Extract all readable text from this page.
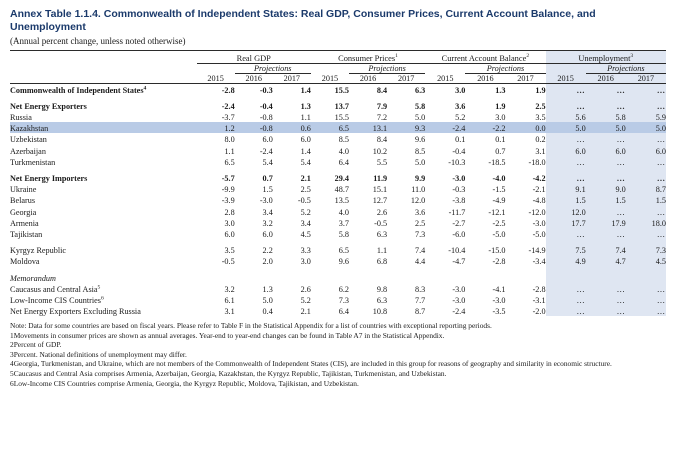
Annex Table 1.1.4. Commonwealth of Independent States: Real GDP, Consumer Prices, Current Account Balance, and Unemployment
(Annual percent change, unless noted otherwise)

	Real GDP			Consumer Prices$^1$			Current Account Balance$^2$			Unemployment$^3$
		Projections			Projections			Projections			Projections	
	2015	2016	2017	2015	2016	2017	2015	2016	2017	2015	2016	2017
Commonwealth of Independent States$^4$	-2.8	-0.3	1.4	15.5	8.4	6.3	3.0	1.3	1.9	…	…	…

Net Energy Exporters	-2.4	-0.4	1.3	13.7	7.9	5.8	3.6	1.9	2.5	…	…	…
Russia	-3.7	-0.8	1.1	15.5	7.2	5.0	5.2	3.0	3.5	5.6	5.8	5.9
Kazakhstan	1.2	-0.8	0.6	6.5	13.1	9.3	-2.4	-2.2	0.0	5.0	5.0	5.0
Uzbekistan	8.0	6.0	6.0	8.5	8.4	9.6	0.1	0.1	0.2	…	…	…
Azerbaijan	1.1	-2.4	1.4	4.0	10.2	8.5	-0.4	0.7	3.1	6.0	6.0	6.0
Turkmenistan	6.5	5.4	5.4	6.4	5.5	5.0	-10.3	-18.5	-18.0	…	…	…

Net Energy Importers	-5.7	0.7	2.1	29.4	11.9	9.9	-3.0	-4.0	-4.2	…	…	…
Ukraine	-9.9	1.5	2.5	48.7	15.1	11.0	-0.3	-1.5	-2.1	9.1	9.0	8.7
Belarus	-3.9	-3.0	-0.5	13.5	12.7	12.0	-3.8	-4.9	-4.8	1.5	1.5	1.5
Georgia	2.8	3.4	5.2	4.0	2.6	3.6	-11.7	-12.1	-12.0	12.0	…	…
Armenia	3.0	3.2	3.4	3.7	-0.5	2.5	-2.7	-2.5	-3.0	17.7	17.9	18.0
Tajikistan	6.0	6.0	4.5	5.8	6.3	7.3	-6.0	-5.0	-5.0	…	…	…

Kyrgyz Republic	3.5	2.2	3.3	6.5	1.1	7.4	-10.4	-15.0	-14.9	7.5	7.4	7.3
Moldova	-0.5	2.0	3.0	9.6	6.8	4.4	-4.7	-2.8	-3.4	4.9	4.7	4.5

Memorandum												
Caucasus and Central Asia$^5$	3.2	1.3	2.6	6.2	9.8	8.3	-3.0	-4.1	-2.8	…	…	…
Low-Income CIS Countries$^6$	6.1	5.0	5.2	7.3	6.3	7.7	-3.0	-3.0	-3.1	…	…	…
Net Energy Exporters Excluding Russia	3.1	0.4	2.1	6.4	10.8	8.7	-2.4	-3.5	-2.0	…	…	…

Note: Data for some countries are based on fiscal years. Please refer to Table F in the Statistical Appendix for a list of countries with exceptional reporting periods.

1Movements in consumer prices are shown as annual averages. Year-end to year-end changes can be found in Table A7 in the Statistical Appendix.

2Percent of GDP.

3Percent. National definitions of unemployment may differ.

4Georgia, Turkmenistan, and Ukraine, which are not members of the Commonwealth of Independent States (CIS), are included in this group for reasons of geography and similarity in economic structure.

5Caucasus and Central Asia comprises Armenia, Azerbaijan, Georgia, Kazakhstan, the Kyrgyz Republic, Tajikistan, Turkmenistan, and Uzbekistan.

6Low-Income CIS Countries comprise Armenia, Georgia, the Kyrgyz Republic, Moldova, Tajikistan, and Uzbekistan.
